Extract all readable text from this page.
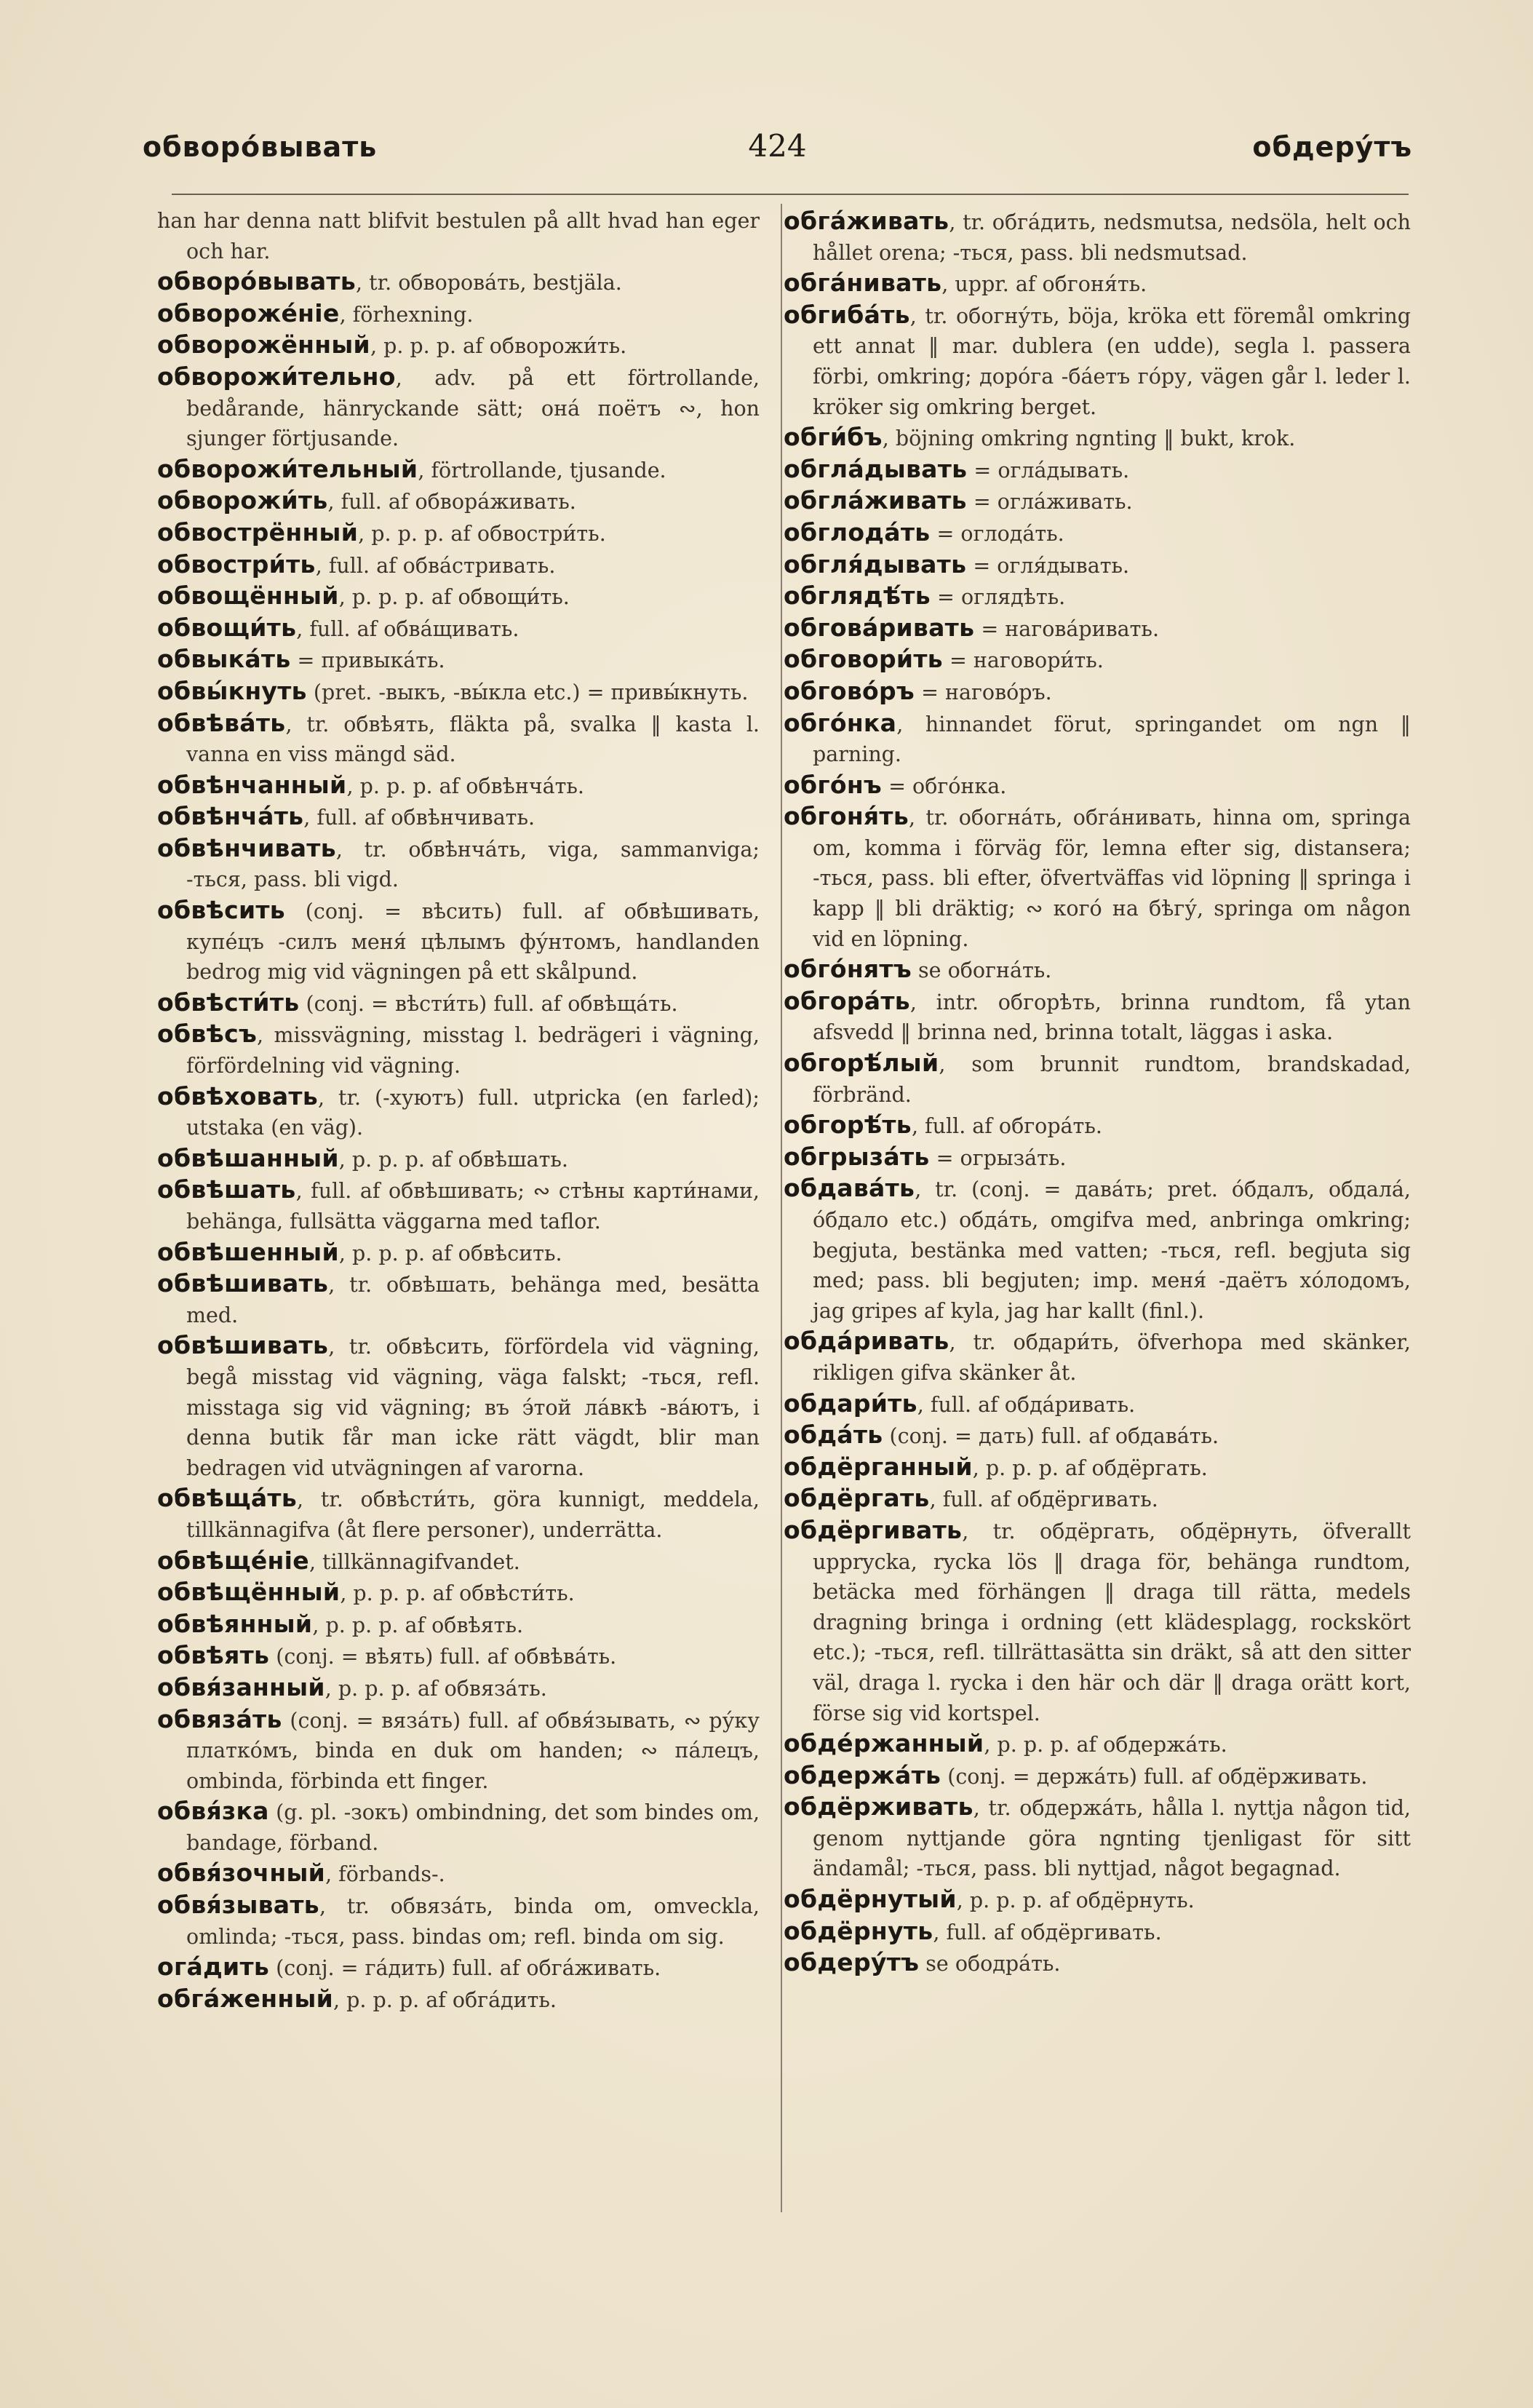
обворо́вывать	424	обдеру́тъ

han har denna natt blifvit bestulen på allt hvad han eger och har.

обворо́вывать, tr. обворова́ть, bestjäla.

обворожéніе, förhexning.

обворожённый, p. p. p. af обворожи́ть.

обворожи́тельно, adv. på ett förtrollande, bedårande, hänryckande sätt; она́ поётъ ∾, hon sjunger förtjusande.

обворожи́тельный, förtrollande, tjusande.

обворожи́ть, full. af обвора́живать.

обвострённый, p. p. p. af обвостри́ть.

обвостри́ть, full. af обва́стривать.

обвощённый, p. p. p. af обвощи́ть.

обвощи́ть, full. af обва́щивать.

обвыка́ть = привыка́ть.

обвы́кнуть (pret. -выкъ, -вы́кла etc.) = привы́кнуть.

обвѣва́ть, tr. обвѣять, fläkta på, svalka ‖ kasta l. vanna en viss mängd säd.

обвѣнчанный, p. p. p. af обвѣнча́ть.

обвѣнча́ть, full. af обвѣнчивать.

обвѣнчивать, tr. обвѣнча́ть, viga, sammanviga; -ться, pass. bli vigd.

обвѣсить (conj. = вѣсить) full. af обвѣшивать, купе́цъ -силъ меня́ цѣлымъ фу́нтомъ, handlanden bedrog mig vid vägningen på ett skålpund.

обвѣсти́ть (conj. = вѣсти́ть) full. af обвѣща́ть.

обвѣсъ, missvägning, misstag l. bedrägeri i vägning, förfördelning vid vägning.

обвѣховать, tr. (-хуютъ) full. utpricka (en farled); utstaka (en väg).

обвѣшанный, p. p. p. af обвѣшать.

обвѣшать, full. af обвѣшивать; ∾ стѣны карти́нами, behänga, fullsätta väggarna med taflor.

обвѣшенный, p. p. p. af обвѣсить.

обвѣшивать, tr. обвѣшать, behänga med, besätta med.

обвѣшивать, tr. обвѣсить, förfördela vid vägning, begå misstag vid vägning, väga falskt; -ться, refl. misstaga sig vid vägning; въ э́той ла́вкѣ -ва́ютъ, i denna butik får man icke rätt vägdt, blir man bedragen vid utvägningen af varorna.

обвѣща́ть, tr. обвѣсти́ть, göra kunnigt, meddela, tillkännagifva (åt flere personer), underrätta.

обвѣщéніе, tillkännagifvandet.

обвѣщённый, p. p. p. af обвѣсти́ть.

обвѣянный, p. p. p. af обвѣять.

обвѣять (conj. = вѣять) full. af обвѣва́ть.

обвя́занный, p. p. p. af обвяза́ть.

обвяза́ть (conj. = вяза́ть) full. af обвя́зывать, ∾ ру́ку платко́мъ, binda en duk om handen; ∾ па́лецъ, ombinda, förbinda ett finger.

обвя́зка (g. pl. -зокъ) ombindning, det som bindes om, bandage, förband.

обвя́зочный, förbands-.

обвя́зывать, tr. обвяза́ть, binda om, omveckla, omlinda; -ться, pass. bindas om; refl. binda om sig.

огáдить (conj. = га́дить) full. af обга́живать.

обга́женный, p. p. p. af обга́дить.

обга́живать, tr. обга́дить, nedsmutsa, nedsöla, helt och hållet orena; -ться, pass. bli nedsmutsad.

обга́нивать, uppr. af обгоня́ть.

обгиба́ть, tr. обогну́ть, böja, kröka ett föremål omkring ett annat ‖ mar. dublera (en udde), segla l. passera förbi, omkring; доро́га -ба́етъ го́ру, vägen går l. leder l. kröker sig omkring berget.

обги́бъ, böjning omkring ngnting ‖ bukt, krok.

обгла́дывать = огла́дывать.

обгла́живать = огла́живать.

обглода́ть = оглода́ть.

обгля́дывать = огля́дывать.

обглядѣ́ть = оглядѣть.

обгова́ривать = нагова́ривать.

обговори́ть = наговори́ть.

обгово́ръ = нагово́ръ.

обго́нка, hinnandet förut, springandet om ngn ‖ parning.

обго́нъ = обго́нка.

обгоня́ть, tr. обогна́ть, обга́нивать, hinna om, springa om, komma i förväg för, lemna efter sig, distansera; -ться, pass. bli efter, öfvertväffas vid löpning ‖ springa i kapp ‖ bli dräktig; ∾ кого́ на бѣгу́, springa om någon vid en löpning.

обго́нятъ se обогна́ть.

обгора́ть, intr. обгорѣть, brinna rundtom, få ytan afsvedd ‖ brinna ned, brinna totalt, läggas i aska.

обгорѣ́лый, som brunnit rundtom, brandskadad, förbränd.

обгорѣ́ть, full. af обгора́ть.

обгрыза́ть = огрыза́ть.

обдава́ть, tr. (conj. = дава́ть; pret. о́бдалъ, обдала́, о́бдало etc.) обда́ть, omgifva med, anbringa omkring; begjuta, bestänka med vatten; -ться, refl. begjuta sig med; pass. bli begjuten; imp. меня́ -даётъ хо́лодомъ, jag gripes af kyla, jag har kallt (finl.).

обда́ривать, tr. обдари́ть, öfverhopa med skänker, rikligen gifva skänker åt.

обдари́ть, full. af обда́ривать.

обда́ть (conj. = дать) full. af обдава́ть.

обдёрганный, p. p. p. af обдёргать.

обдёргать, full. af обдёргивать.

обдёргивать, tr. обдёргать, обдёрнуть, öfverallt upprycka, rycka lös ‖ draga för, behänga rundtom, betäcka med förhängen ‖ draga till rätta, medels dragning bringa i ordning (ett klädesplagg, rockskört etc.); -ться, refl. tillrättasätta sin dräkt, så att den sitter väl, draga l. rycka i den här och där ‖ draga orätt kort, förse sig vid kortspel.

обде́ржанный, p. p. p. af обдержа́ть.

обдержа́ть (conj. = держа́ть) full. af обдёрживать.

обдёрживать, tr. обдержа́ть, hålla l. nyttja någon tid, genom nyttjande göra ngnting tjenligast för sitt ändamål; -ться, pass. bli nyttjad, något begagnad.

обдёрнутый, p. p. p. af обдёрнуть.

обдёрнуть, full. af обдёргивать.

обдеру́тъ se ободра́ть.
